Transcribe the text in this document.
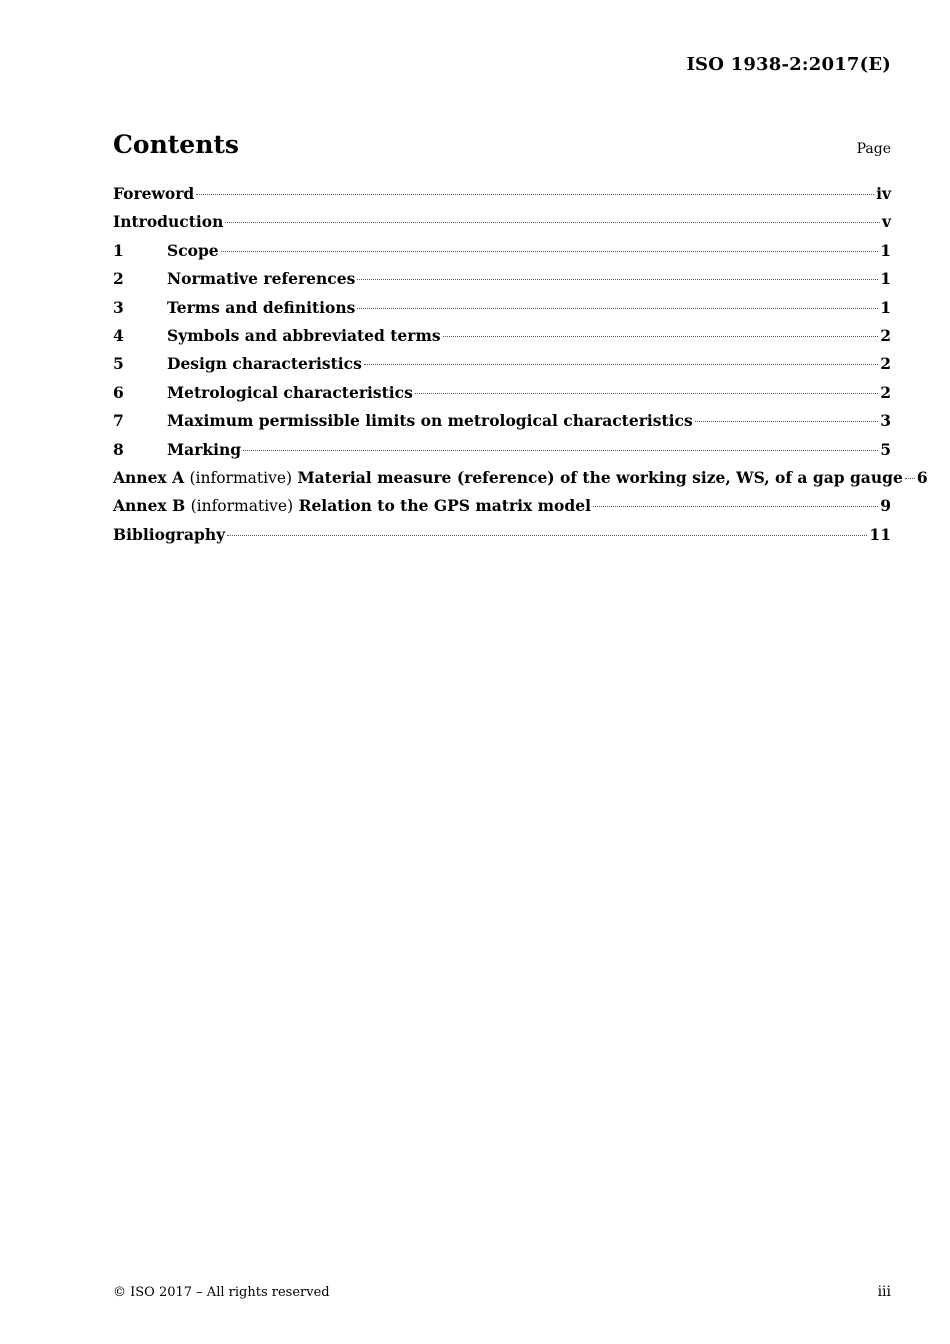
ISO 1938-2:2017(E)
Contents	Page
Foreword	iv
Introduction	v
1	Scope	1
2	Normative references	1
3	Terms and definitions	1
4	Symbols and abbreviated terms	2
5	Design characteristics	2
6	Metrological characteristics	2
7	Maximum permissible limits on metrological characteristics	3
8	Marking	5
Annex A (informative) Material measure (reference) of the working size, WS, of a gap gauge 6
Annex B (informative) Relation to the GPS matrix model	9
Bibliography	11
© ISO 2017 – All rights reserved	iii
